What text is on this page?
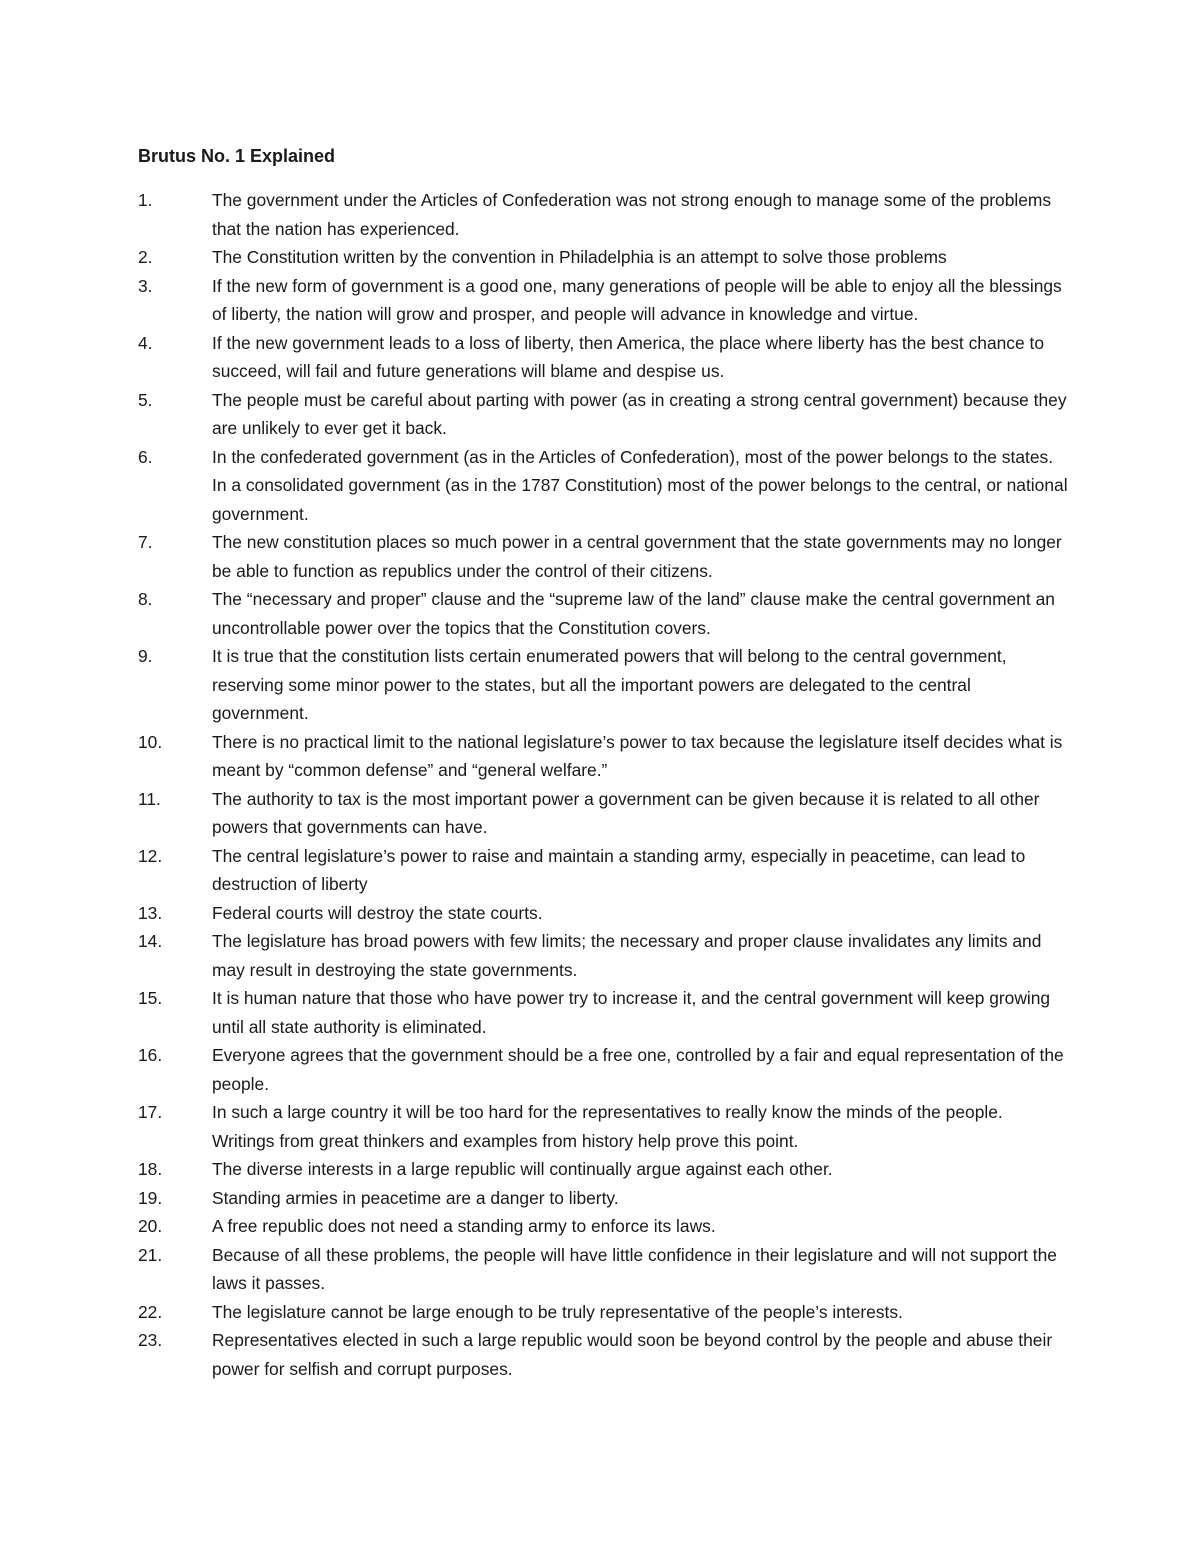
Brutus No. 1 Explained
1.	The government under the Articles of Confederation was not strong enough to manage some of the problems that the nation has experienced.
2.	The Constitution written by the convention in Philadelphia is an attempt to solve those problems
3.	If the new form of government is a good one, many generations of people will be able to enjoy all the blessings of liberty, the nation will grow and prosper, and people will advance in knowledge and virtue.
4.	If the new government leads to a loss of liberty, then America, the place where liberty has the best chance to succeed, will fail and future generations will blame and despise us.
5.	The people must be careful about parting with power (as in creating a strong central government) because they are unlikely to ever get it back.
6.	In the confederated government (as in the Articles of Confederation), most of the power belongs to the states. In a consolidated government (as in the 1787 Constitution) most of the power belongs to the central, or national government.
7.	The new constitution places so much power in a central government that the state governments may no longer be able to function as republics under the control of their citizens.
8.	The “necessary and proper” clause and the “supreme law of the land” clause make the central government an uncontrollable power over the topics that the Constitution covers.
9.	It is true that the constitution lists certain enumerated powers that will belong to the central government, reserving some minor power to the states, but all the important powers are delegated to the central government.
10.	There is no practical limit to the national legislature’s power to tax because the legislature itself decides what is meant by “common defense” and “general welfare.”
11.	The authority to tax is the most important power a government can be given because it is related to all other powers that governments can have.
12.	The central legislature’s power to raise and maintain a standing army, especially in peacetime, can lead to destruction of liberty
13.	Federal courts will destroy the state courts.
14.	The legislature has broad powers with few limits; the necessary and proper clause invalidates any limits and may result in destroying the state governments.
15.	It is human nature that those who have power try to increase it, and the central government will keep growing until all state authority is eliminated.
16.	Everyone agrees that the government should be a free one, controlled by a fair and equal representation of the people.
17.	In such a large country it will be too hard for the representatives to really know the minds of the people. Writings from great thinkers and examples from history help prove this point.
18.	The diverse interests in a large republic will continually argue against each other.
19.	Standing armies in peacetime are a danger to liberty.
20.	A free republic does not need a standing army to enforce its laws.
21.	Because of all these problems, the people will have little confidence in their legislature and will not support the laws it passes.
22.	The legislature cannot be large enough to be truly representative of the people’s interests.
23.	Representatives elected in such a large republic would soon be beyond control by the people and abuse their power for selfish and corrupt purposes.
